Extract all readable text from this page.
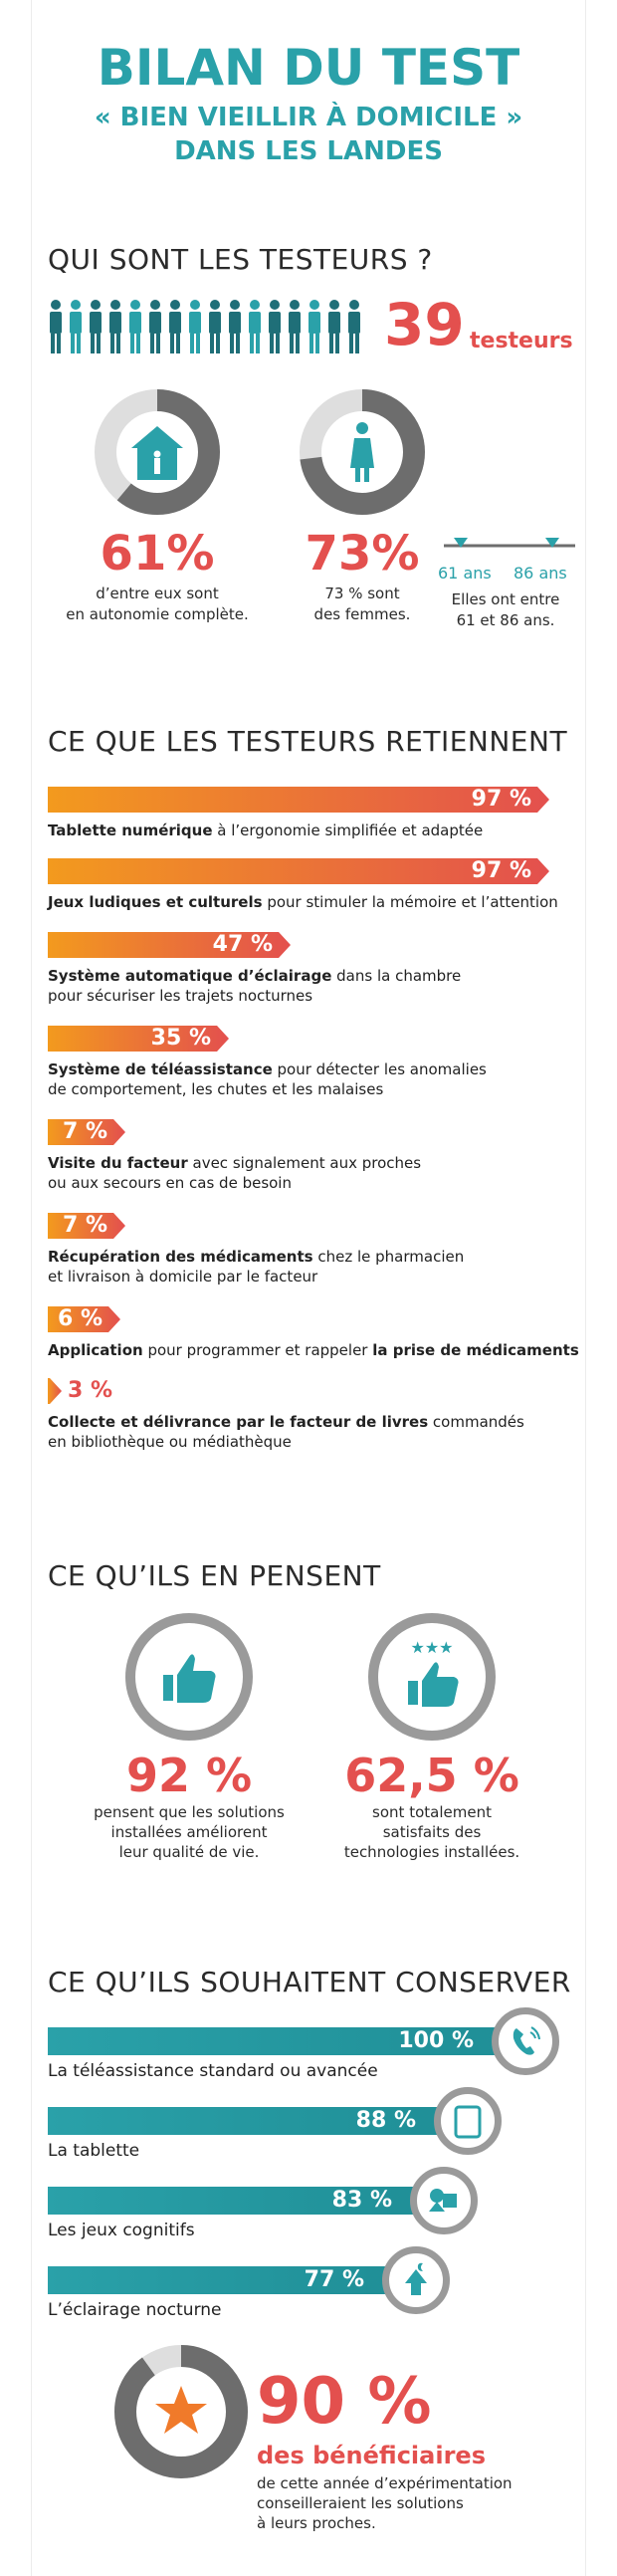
BILAN DU TEST
« BIEN VIEILLIR À DOMICILE »
DANS LES LANDES
QUI SONT LES TESTEURS ?
39 testeurs
61%
d’entre eux sont
en autonomie complète.
73%
73 % sont
des femmes.
61 ans 86 ans
Elles ont entre
61 et 86 ans.
CE QUE LES TESTEURS RETIENNENT
97 %
Tablette numérique à l’ergonomie simplifiée et adaptée
97 %
Jeux ludiques et culturels pour stimuler la mémoire et l’attention
47 %
Système automatique d’éclairage dans la chambre
pour sécuriser les trajets nocturnes
35 %
Système de téléassistance pour détecter les anomalies
de comportement, les chutes et les malaises
7 %
Visite du facteur avec signalement aux proches
ou aux secours en cas de besoin
7 %
Récupération des médicaments chez le pharmacien
et livraison à domicile par le facteur
6 %
Application pour programmer et rappeler la prise de médicaments
3 %
Collecte et délivrance par le facteur de livres commandés
en bibliothèque ou médiathèque
CE QU’ILS EN PENSENT
★★★
92 %
pensent que les solutions
installées améliorent
leur qualité de vie.
62,5 %
sont totalement
satisfaits des
technologies installées.
CE QU’ILS SOUHAITENT CONSERVER
100 %
La téléassistance standard ou avancée
88 %
La tablette
83 %
Les jeux cognitifs
77 %
L’éclairage nocturne
90 %
des bénéficiaires
de cette année d’expérimentation
conseilleraient les solutions
à leurs proches.
